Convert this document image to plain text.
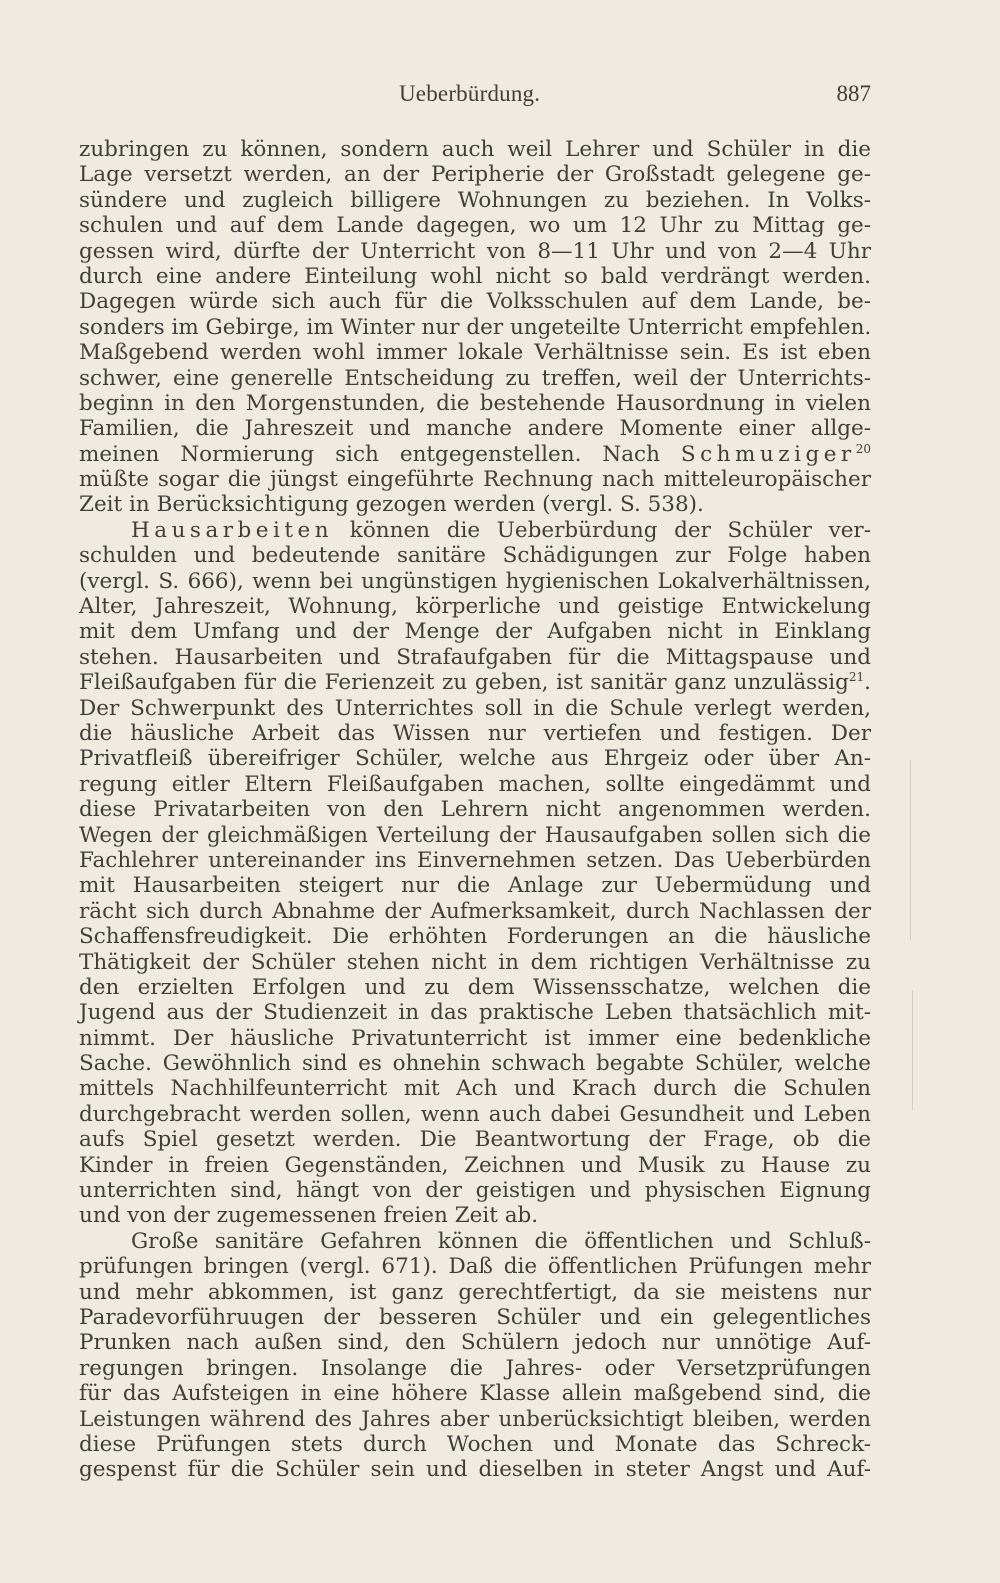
Ueberbürdung.	887
zubringen zu können, sondern auch weil Lehrer und Schüler in die
Lage versetzt werden, an der Peripherie der Großstadt gelegene ge-
sündere und zugleich billigere Wohnungen zu beziehen. In Volks-
schulen und auf dem Lande dagegen, wo um 12 Uhr zu Mittag ge-
gessen wird, dürfte der Unterricht von 8—11 Uhr und von 2—4 Uhr
durch eine andere Einteilung wohl nicht so bald verdrängt werden.
Dagegen würde sich auch für die Volksschulen auf dem Lande, be-
sonders im Gebirge, im Winter nur der ungeteilte Unterricht empfehlen.
Maßgebend werden wohl immer lokale Verhältnisse sein. Es ist eben
schwer, eine generelle Entscheidung zu treffen, weil der Unterrichts-
beginn in den Morgenstunden, die bestehende Hausordnung in vielen
Familien, die Jahreszeit und manche andere Momente einer allge-
meinen Normierung sich entgegenstellen. Nach Schmuziger$^{20}$
müßte sogar die jüngst eingeführte Rechnung nach mitteleuropäischer
Zeit in Berücksichtigung gezogen werden (vergl. S. 538).
Hausarbeiten können die Ueberbürdung der Schüler ver-
schulden und bedeutende sanitäre Schädigungen zur Folge haben
(vergl. S. 666), wenn bei ungünstigen hygienischen Lokalverhältnissen,
Alter, Jahreszeit, Wohnung, körperliche und geistige Entwickelung
mit dem Umfang und der Menge der Aufgaben nicht in Einklang
stehen. Hausarbeiten und Strafaufgaben für die Mittagspause und
Fleißaufgaben für die Ferienzeit zu geben, ist sanitär ganz unzulässig$^{21}$.
Der Schwerpunkt des Unterrichtes soll in die Schule verlegt werden,
die häusliche Arbeit das Wissen nur vertiefen und festigen. Der
Privatfleiß übereifriger Schüler, welche aus Ehrgeiz oder über An-
regung eitler Eltern Fleißaufgaben machen, sollte eingedämmt und
diese Privatarbeiten von den Lehrern nicht angenommen werden.
Wegen der gleichmäßigen Verteilung der Hausaufgaben sollen sich die
Fachlehrer untereinander ins Einvernehmen setzen. Das Ueberbürden
mit Hausarbeiten steigert nur die Anlage zur Uebermüdung und
rächt sich durch Abnahme der Aufmerksamkeit, durch Nachlassen der
Schaffensfreudigkeit. Die erhöhten Forderungen an die häusliche
Thätigkeit der Schüler stehen nicht in dem richtigen Verhältnisse zu
den erzielten Erfolgen und zu dem Wissensschatze, welchen die
Jugend aus der Studienzeit in das praktische Leben thatsächlich mit-
nimmt. Der häusliche Privatunterricht ist immer eine bedenkliche
Sache. Gewöhnlich sind es ohnehin schwach begabte Schüler, welche
mittels Nachhilfeunterricht mit Ach und Krach durch die Schulen
durchgebracht werden sollen, wenn auch dabei Gesundheit und Leben
aufs Spiel gesetzt werden. Die Beantwortung der Frage, ob die
Kinder in freien Gegenständen, Zeichnen und Musik zu Hause zu
unterrichten sind, hängt von der geistigen und physischen Eignung
und von der zugemessenen freien Zeit ab.
Große sanitäre Gefahren können die öffentlichen und Schluß-
prüfungen bringen (vergl. 671). Daß die öffentlichen Prüfungen mehr
und mehr abkommen, ist ganz gerechtfertigt, da sie meistens nur
Paradevorführuugen der besseren Schüler und ein gelegentliches
Prunken nach außen sind, den Schülern jedoch nur unnötige Auf-
regungen bringen. Insolange die Jahres- oder Versetzprüfungen
für das Aufsteigen in eine höhere Klasse allein maßgebend sind, die
Leistungen während des Jahres aber unberücksichtigt bleiben, werden
diese Prüfungen stets durch Wochen und Monate das Schreck-
gespenst für die Schüler sein und dieselben in steter Angst und Auf-
